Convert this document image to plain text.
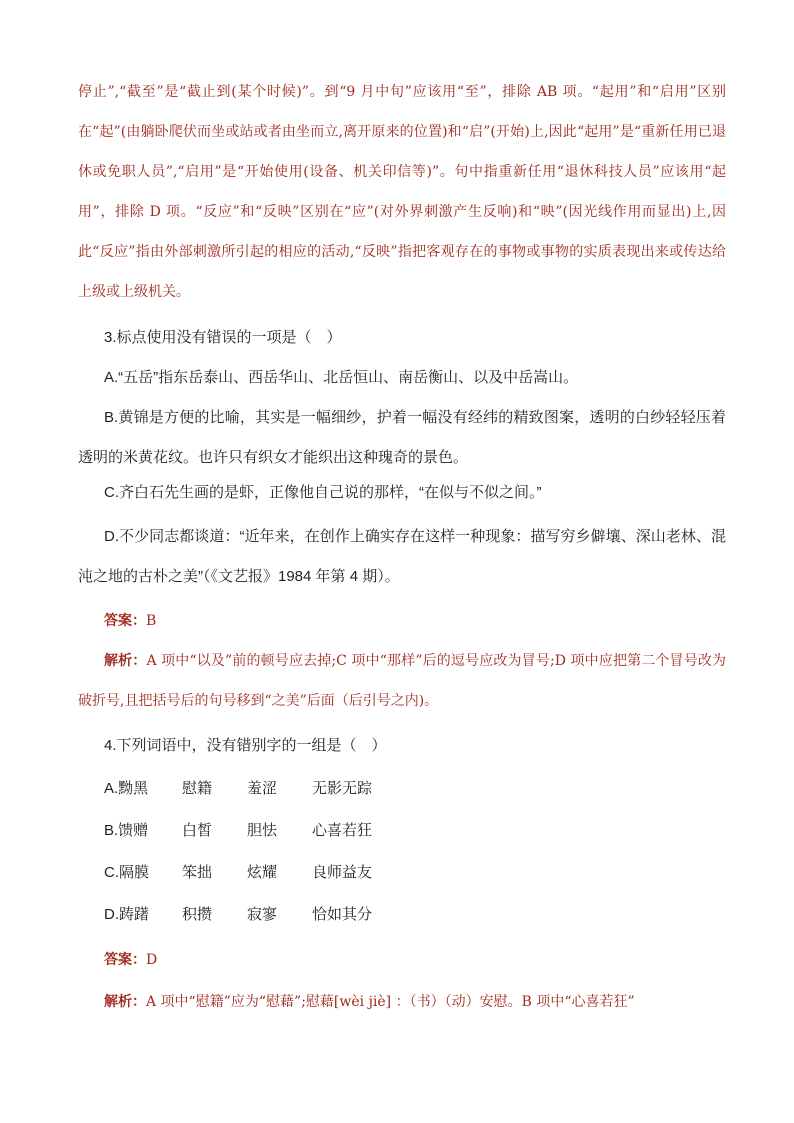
停止”,“截至”是“截止到(某个时候)”。到“9 月中旬”应该用“至”，排除 AB 项。“起用”和“启用”区别在“起”(由躺卧爬伏而坐或站或者由坐而立,离开原来的位置)和“启”(开始)上,因此“起用”是“重新任用已退休或免职人员”,“启用”是“开始使用(设备、机关印信等)”。句中指重新任用“退休科技人员”应该用“起用”，排除 D 项。“反应”和“反映”区别在“应”(对外界刺激产生反响)和“映”(因光线作用而显出)上,因此“反应”指由外部刺激所引起的相应的活动,“反映”指把客观存在的事物或事物的实质表现出来或传达给上级或上级机关。

3.标点使用没有错误的一项是（　）

A.“五岳”指东岳泰山、西岳华山、北岳恒山、南岳衡山、以及中岳嵩山。

B.黄锦是方便的比喻，其实是一幅细纱，护着一幅没有经纬的精致图案，透明的白纱轻轻压着透明的米黄花纹。也许只有织女才能织出这种瑰奇的景色。

C.齐白石先生画的是虾，正像他自己说的那样，“在似与不似之间。”

D.不少同志都谈道：“近年来，在创作上确实存在这样一种现象：描写穷乡僻壤、深山老林、混沌之地的古朴之美”（《文艺报》1984 年第 4 期）。

答案：B

解析：A 项中“以及”前的顿号应去掉;C 项中“那样”后的逗号应改为冒号;D 项中应把第二个冒号改为破折号,且把括号后的句号移到“之美”后面（后引号之内)。

4.下列词语中，没有错别字的一组是（　）

A.黝黑 慰籍 羞涩 无影无踪
B.馈赠 白皙 胆怯 心喜若狂
C.隔膜 笨拙 炫耀 良师益友
D.踌躇 积攒 寂寥 恰如其分

答案：D

解析：A 项中“慰籍”应为“慰藉”;慰藉[wèi jiè] ：（书）（动）安慰。B 项中“心喜若狂”
